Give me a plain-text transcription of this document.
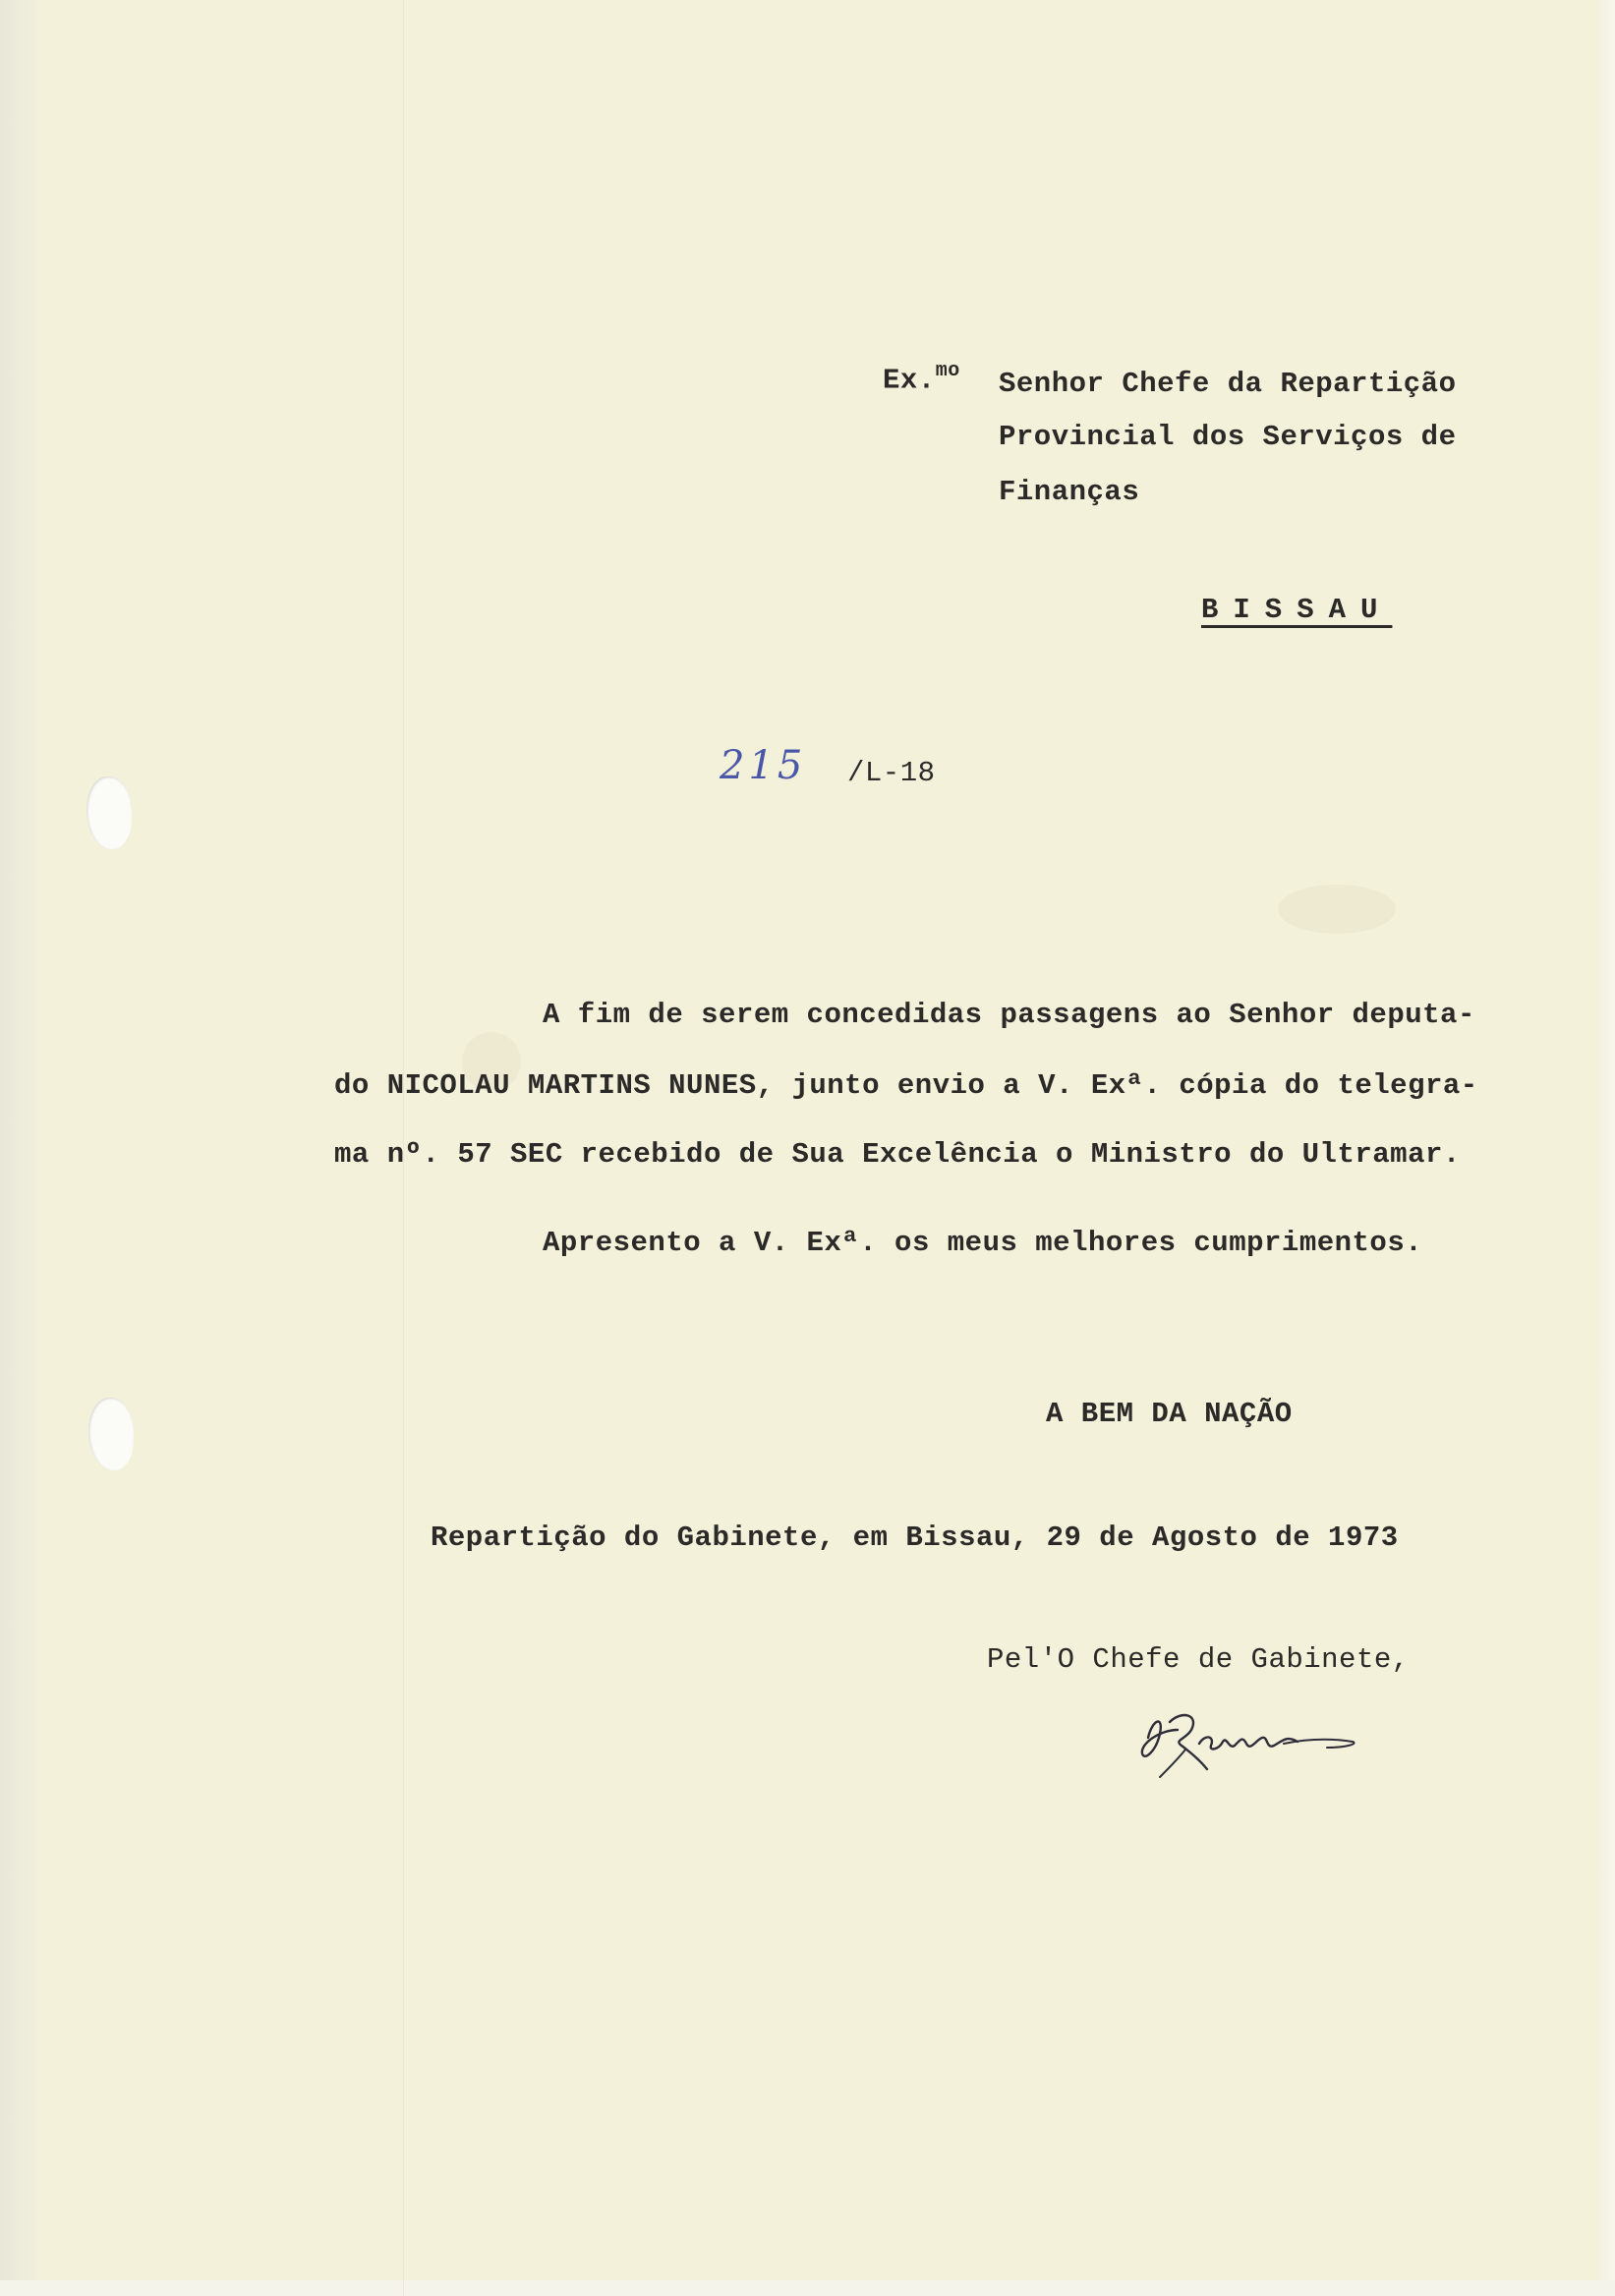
Ex.$^{mo}$ Senhor Chefe da Repartição
Provincial dos Serviços de
Finanças
BISSAU
215 /L-18
A fim de serem concedidas passagens ao Senhor deputa-
do NICOLAU MARTINS NUNES, junto envio a V. Exª. cópia do telegra-
ma nº. 57 SEC recebido de Sua Excelência o Ministro do Ultramar.
Apresento a V. Exª. os meus melhores cumprimentos.
A BEM DA NAÇÃO
Repartição do Gabinete, em Bissau, 29 de Agosto de 1973
Pel'O Chefe de Gabinete,
